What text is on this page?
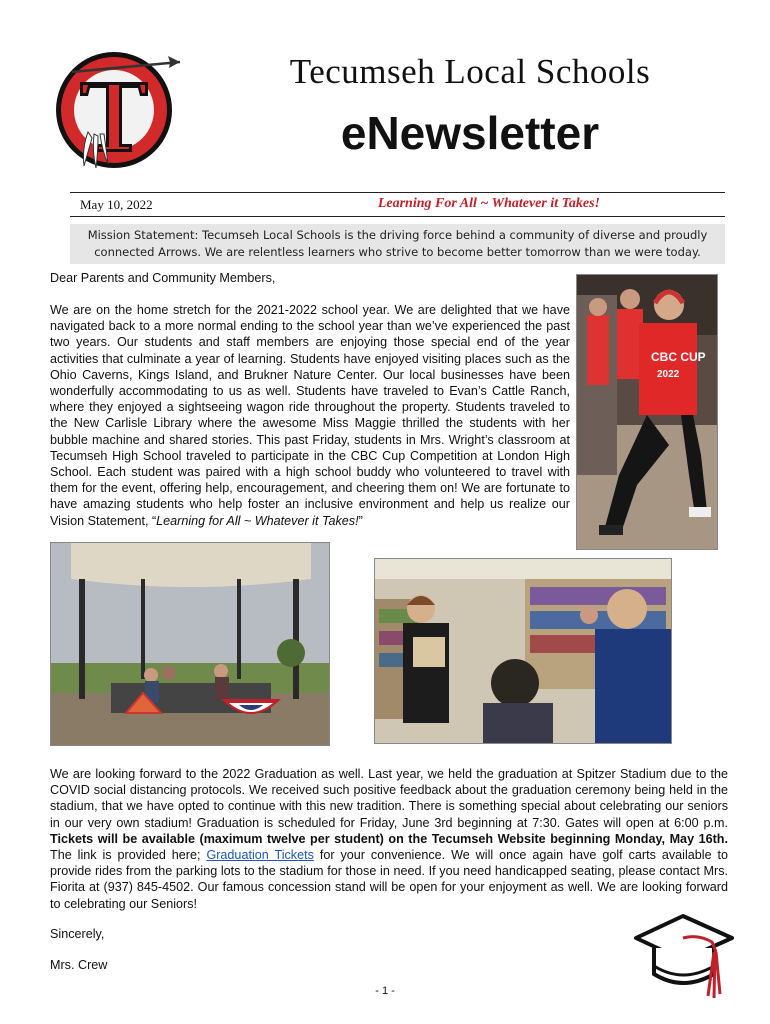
Tecumseh Local Schools
eNewsletter
May 10, 2022	Learning For All ~ Whatever it Takes!
Mission Statement: Tecumseh Local Schools is the driving force behind a community of diverse and proudly
connected Arrows. We are relentless learners who strive to become better tomorrow than we were today.
Dear Parents and Community Members,
We are on the home stretch for the 2021-2022 school year. We are delighted that we have navigated back to a more normal ending to the school year than we’ve experienced the past two years. Our students and staff members are enjoying those special end of the year activities that culminate a year of learning. Students have enjoyed visiting places such as the Ohio Caverns, Kings Island, and Brukner Nature Center. Our local businesses have been wonderfully accommodating to us as well. Students have traveled to Evan’s Cattle Ranch, where they enjoyed a sightseeing wagon ride throughout the property. Students traveled to the New Carlisle Library where the awesome Miss Maggie thrilled the students with her bubble machine and shared stories. This past Friday, students in Mrs. Wright’s classroom at Tecumseh High School traveled to participate in the CBC Cup Competition at London High School. Each student was paired with a high school buddy who volunteered to travel with them for the event, offering help, encouragement, and cheering them on! We are fortunate to have amazing students who help foster an inclusive environment and help us realize our Vision Statement, “Learning for All ~ Whatever it Takes!”
CBC CUP
2022
We are looking forward to the 2022 Graduation as well. Last year, we held the graduation at Spitzer Stadium due to the COVID social distancing protocols. We received such positive feedback about the graduation ceremony being held in the stadium, that we have opted to continue with this new tradition. There is something special about celebrating our seniors in our very own stadium! Graduation is scheduled for Friday, June 3rd beginning at 7:30. Gates will open at 6:00 p.m. Tickets will be available (maximum twelve per student) on the Tecumseh Website beginning Monday, May 16th. The link is provided here; Graduation Tickets for your convenience. We will once again have golf carts available to provide rides from the parking lots to the stadium for those in need. If you need handicapped seating, please contact Mrs. Fiorita at (937) 845-4502. Our famous concession stand will be open for your enjoyment as well. We are looking forward to celebrating our Seniors!
Sincerely,
Mrs. Crew
- 1 -
